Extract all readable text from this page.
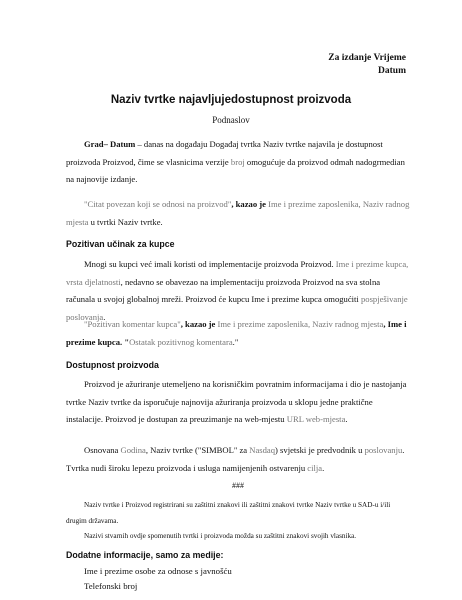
Za izdanje Vrijeme
Datum
Naziv tvrtke najavljujedostupnost proizvoda
Podnaslov

Grad– Datum – danas na događaju Događaj tvrtka Naziv tvrtke najavila je dostupnost proizvoda Proizvod, čime se vlasnicima verzije broj omogućuje da proizvod odmah nadogrmedian na najnovije izdanje.

"Citat povezan koji se odnosi na proizvod", kazao je Ime i prezime zaposlenika, Naziv radnog mjesta u tvrtki Naziv tvrtke.

Pozitivan učinak za kupce

Mnogi su kupci već imali koristi od implementacije proizvoda Proizvod. Ime i prezime kupca, vrsta djelatnosti, nedavno se obavezao na implementaciju proizvoda Proizvod na sva stolna računala u svojoj globalnoj mreži. Proizvod će kupcu Ime i prezime kupca omogućiti pospješivanje poslovanja.

"Pozitivan komentar kupca", kazao je Ime i prezime zaposlenika, Naziv radnog mjesta, Ime i prezime kupca. "Ostatak pozitivnog komentara."

Dostupnost proizvoda

Proizvod je ažuriranje utemeljeno na korisničkim povratnim informacijama i dio je nastojanja tvrtke Naziv tvrtke da isporučuje najnovija ažuriranja proizvoda u sklopu jedne praktične instalacije. Proizvod je dostupan za preuzimanje na web-mjestu URL web-mjesta.

Osnovana Godina, Naziv tvrtke ("SIMBOL" za Nasdaq) svjetski je predvodnik u poslovanju. Tvrtka nudi široku lepezu proizvoda i usluga namijenjenih ostvarenju cilja.

###

Naziv tvrtke i Proizvod registrirani su zaštitni znakovi ili zaštitni znakovi tvrtke Naziv tvrtke u SAD-u i/ili drugim državama.

Nazivi stvarnih ovdje spomenutih tvrtki i proizvoda možda su zaštitni znakovi svojih vlasnika.

Dodatne informacije, samo za medije:
Ime i prezime osobe za odnose s javnošću
Telefonski broj
